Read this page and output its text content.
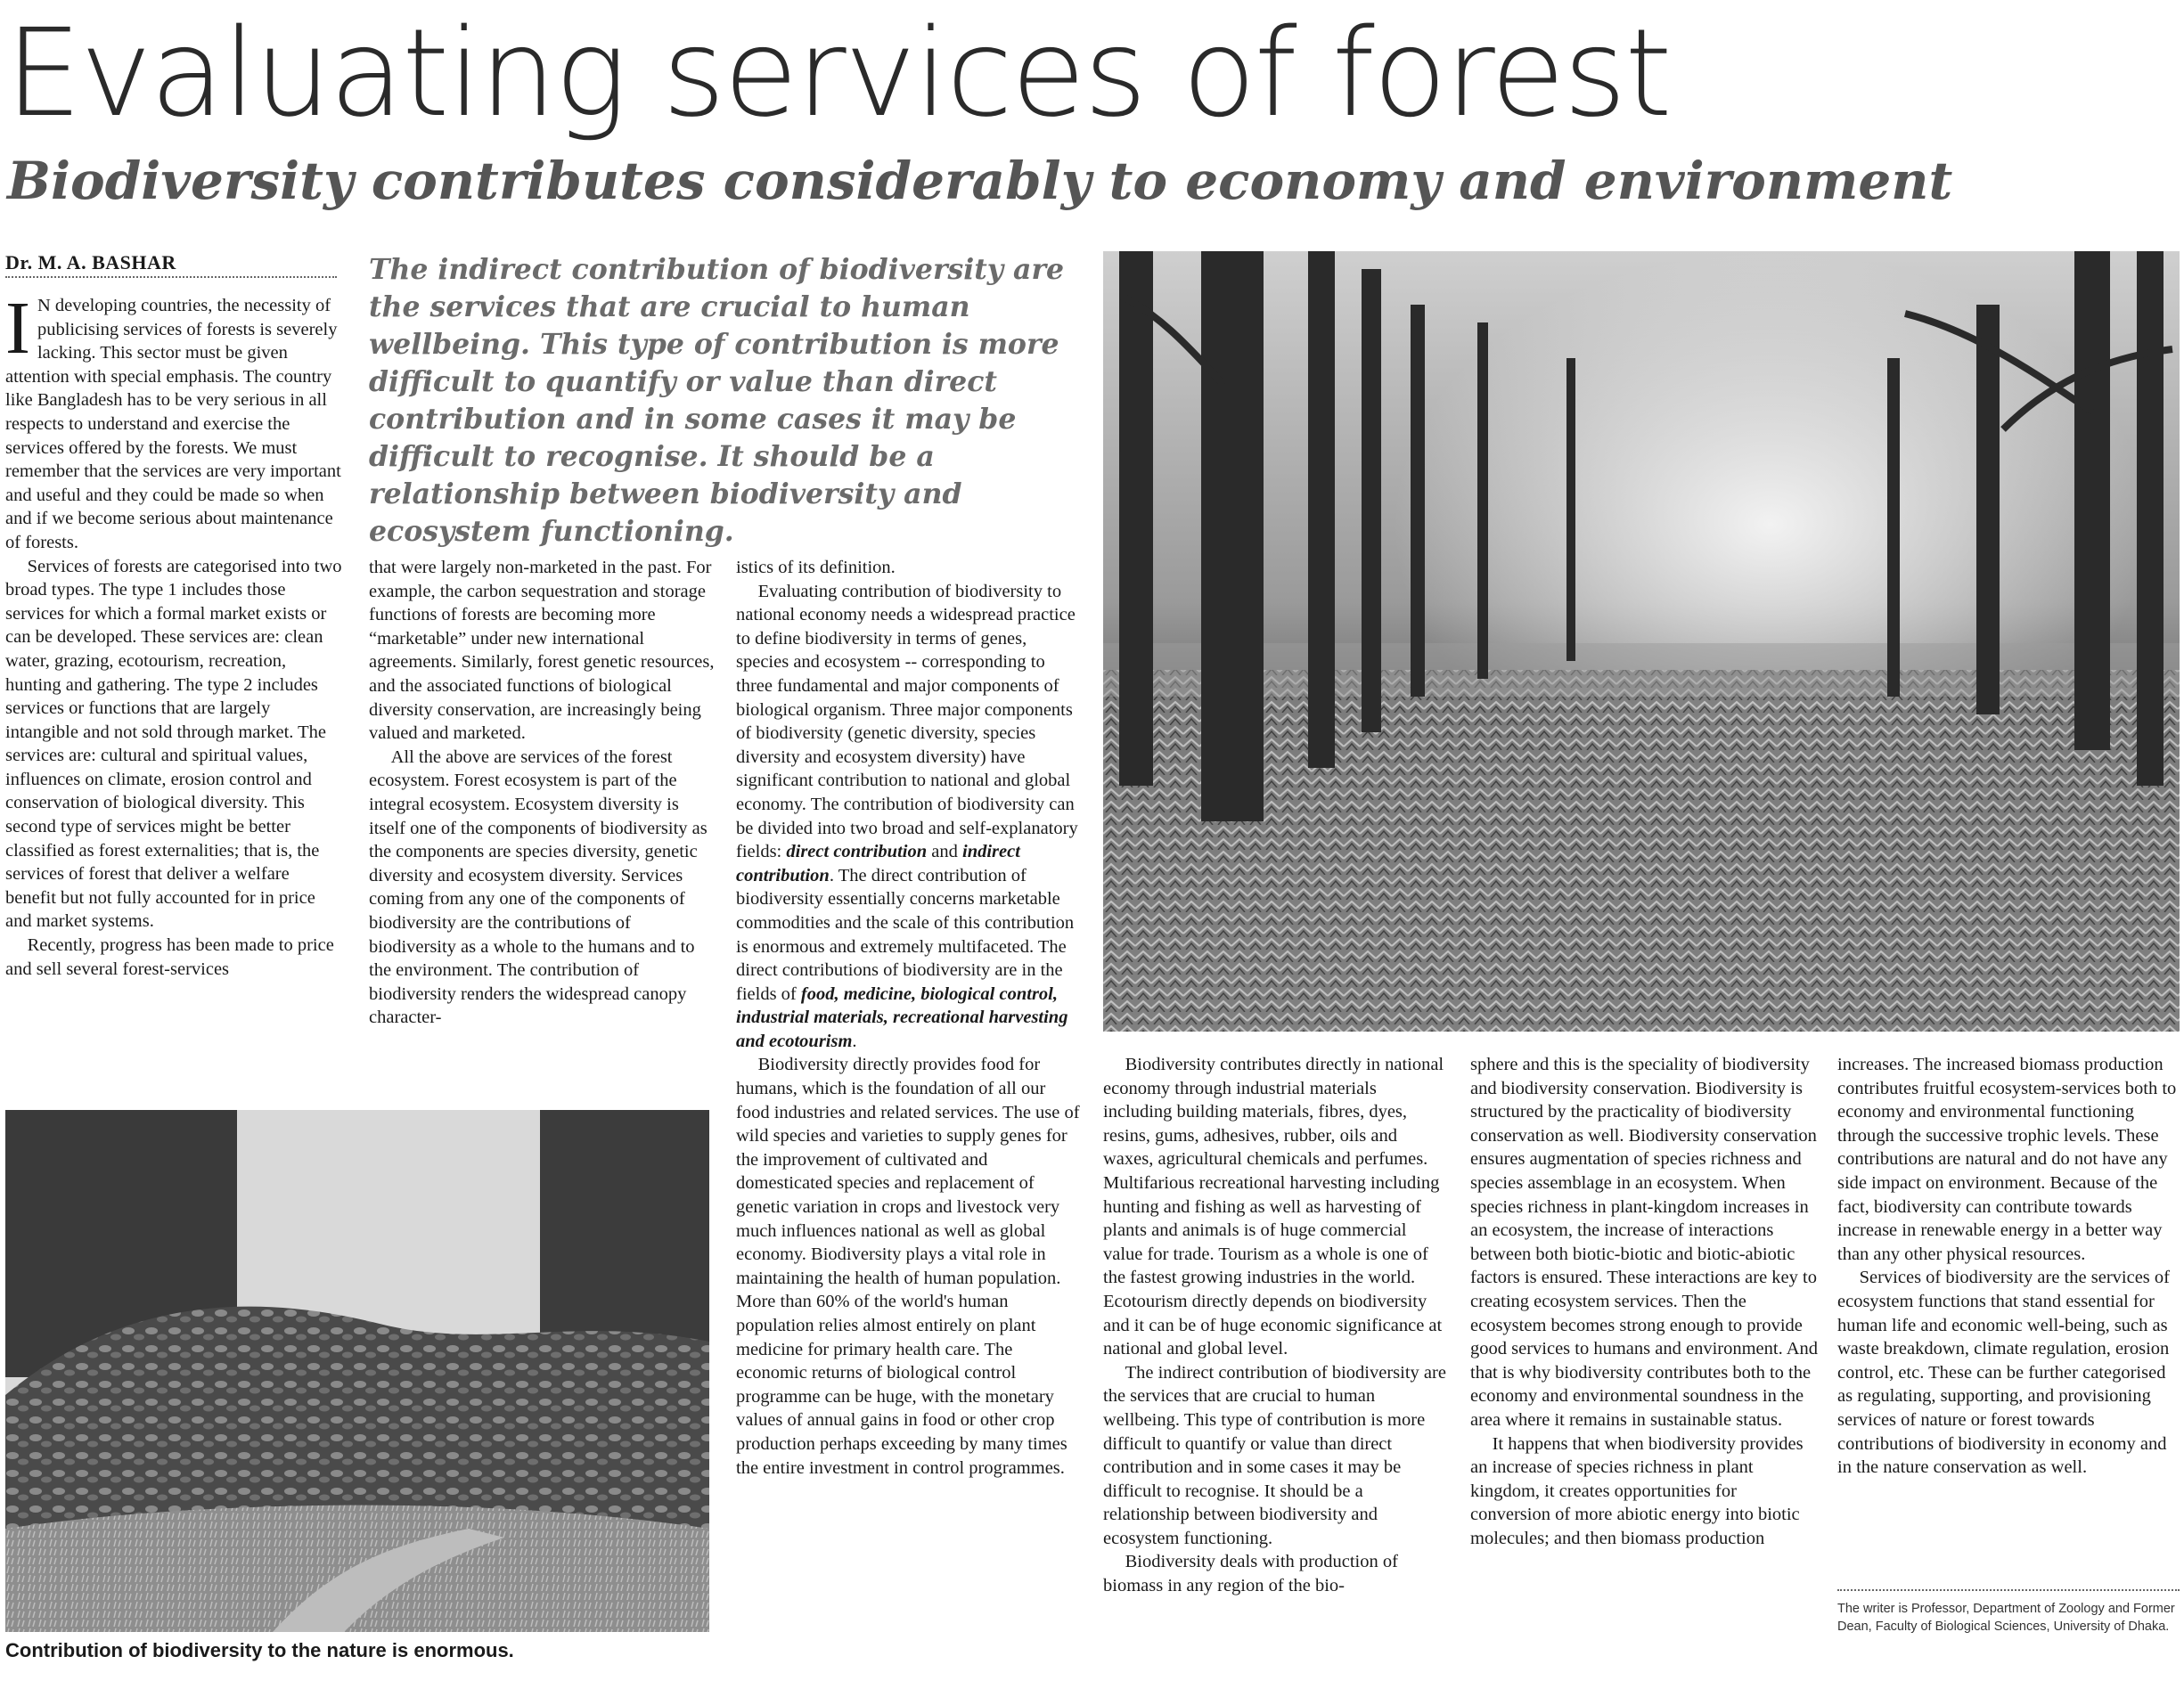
Evaluating services of forest
Biodiversity contributes considerably to economy and environment
Dr. M. A. BASHAR	The indirect contribution of biodiversity are the services that are crucial to human wellbeing. This type of contribution is more difficult to quantify or value than direct contribution and in some cases it may be difficult to recognise. It should be a relationship between biodiversity and ecosystem functioning.

I N developing countries, the necessity of publicising services of forests is severely lacking. This sector must be given attention with special emphasis. The country like Bangladesh has to be very serious in all respects to understand and exercise the services offered by the forests. We must remember that the services are very important and useful and they could be made so when and if we become serious about maintenance of forests.

Services of forests are categorised into two broad types. The type 1 includes those services for which a formal market exists or can be developed. These services are: clean water, grazing, ecotourism, recreation, hunting and gathering. The type 2 includes services or functions that are largely intangible and not sold through market. The services are: cultural and spiritual values, influences on climate, erosion control and conservation of biological diversity. This second type of services might be better classified as forest externalities; that is, the services of forest that deliver a welfare benefit but not fully accounted for in price and market systems.

Recently, progress has been made to price and sell several forest-services

that were largely non-marketed in the past. For example, the carbon sequestration and storage functions of forests are becoming more “marketable” under new international agreements. Similarly, forest genetic resources, and the associated functions of biological diversity conservation, are increasingly being valued and marketed.

All the above are services of the forest ecosystem. Forest ecosystem is part of the integral ecosystem. Ecosystem diversity is itself one of the components of biodiversity as the components are species diversity, genetic diversity and ecosystem diversity. Services coming from any one of the components of biodiversity are the contributions of biodiversity as a whole to the humans and to the environment. The contribution of biodiversity renders the widespread canopy character-

istics of its definition.

Evaluating contribution of biodiversity to national economy needs a widespread practice to define biodiversity in terms of genes, species and ecosystem -- corresponding to three fundamental and major components of biological organism. Three major components of biodiversity (genetic diversity, species diversity and ecosystem diversity) have significant contribution to national and global economy. The contribution of biodiversity can be divided into two broad and self-explanatory fields: direct contribution and indirect contribution. The direct contribution of biodiversity essentially concerns marketable commodities and the scale of this contribution is enormous and extremely multifaceted. The direct contributions of biodiversity are in the fields of food, medicine, biological control, industrial materials, recreational harvesting and ecotourism.

Biodiversity directly provides food for humans, which is the foundation of all our food industries and related services. The use of wild species and varieties to supply genes for the improvement of cultivated and domesticated species and replacement of genetic variation in crops and livestock very much influences national as well as global economy. Biodiversity plays a vital role in maintaining the health of human population. More than 60% of the world's human population relies almost entirely on plant medicine for primary health care. The economic returns of biological control programme can be huge, with the monetary values of annual gains in food or other crop production perhaps exceeding by many times the entire investment in control programmes.

Biodiversity contributes directly in national economy through industrial materials including building materials, fibres, dyes, resins, gums, adhesives, rubber, oils and waxes, agricultural chemicals and perfumes. Multifarious recreational harvesting including hunting and fishing as well as harvesting of plants and animals is of huge commercial value for trade. Tourism as a whole is one of the fastest growing industries in the world. Ecotourism directly depends on biodiversity and it can be of huge economic significance at national and global level.

The indirect contribution of biodiversity are the services that are crucial to human wellbeing. This type of contribution is more difficult to quantify or value than direct contribution and in some cases it may be difficult to recognise. It should be a relationship between biodiversity and ecosystem functioning.

Biodiversity deals with production of biomass in any region of the bio-

sphere and this is the speciality of biodiversity and biodiversity conservation. Biodiversity is structured by the practicality of biodiversity conservation as well. Biodiversity conservation ensures augmentation of species richness and species assemblage in an ecosystem. When species richness in plant-kingdom increases in an ecosystem, the increase of interactions between both biotic-biotic and biotic-abiotic factors is ensured. These interactions are key to creating ecosystem services. Then the ecosystem becomes strong enough to provide good services to humans and environment. And that is why biodiversity contributes both to the economy and environmental soundness in the area where it remains in sustainable status.

It happens that when biodiversity provides an increase of species richness in plant kingdom, it creates opportunities for conversion of more abiotic energy into biotic molecules; and then biomass production

increases. The increased biomass production contributes fruitful ecosystem-services both to economy and environmental functioning through the successive trophic levels. These contributions are natural and do not have any side impact on environment. Because of the fact, biodiversity can contribute towards increase in renewable energy in a better way than any other physical resources.

Services of biodiversity are the services of ecosystem functions that stand essential for human life and economic well-being, such as waste breakdown, climate regulation, erosion control, etc. These can be further categorised as regulating, supporting, and provisioning services of nature or forest towards contributions of biodiversity in economy and in the nature conservation as well.

Contribution of biodiversity to the nature is enormous.
The writer is Professor, Department of Zoology and Former Dean, Faculty of Biological Sciences, University of Dhaka.
